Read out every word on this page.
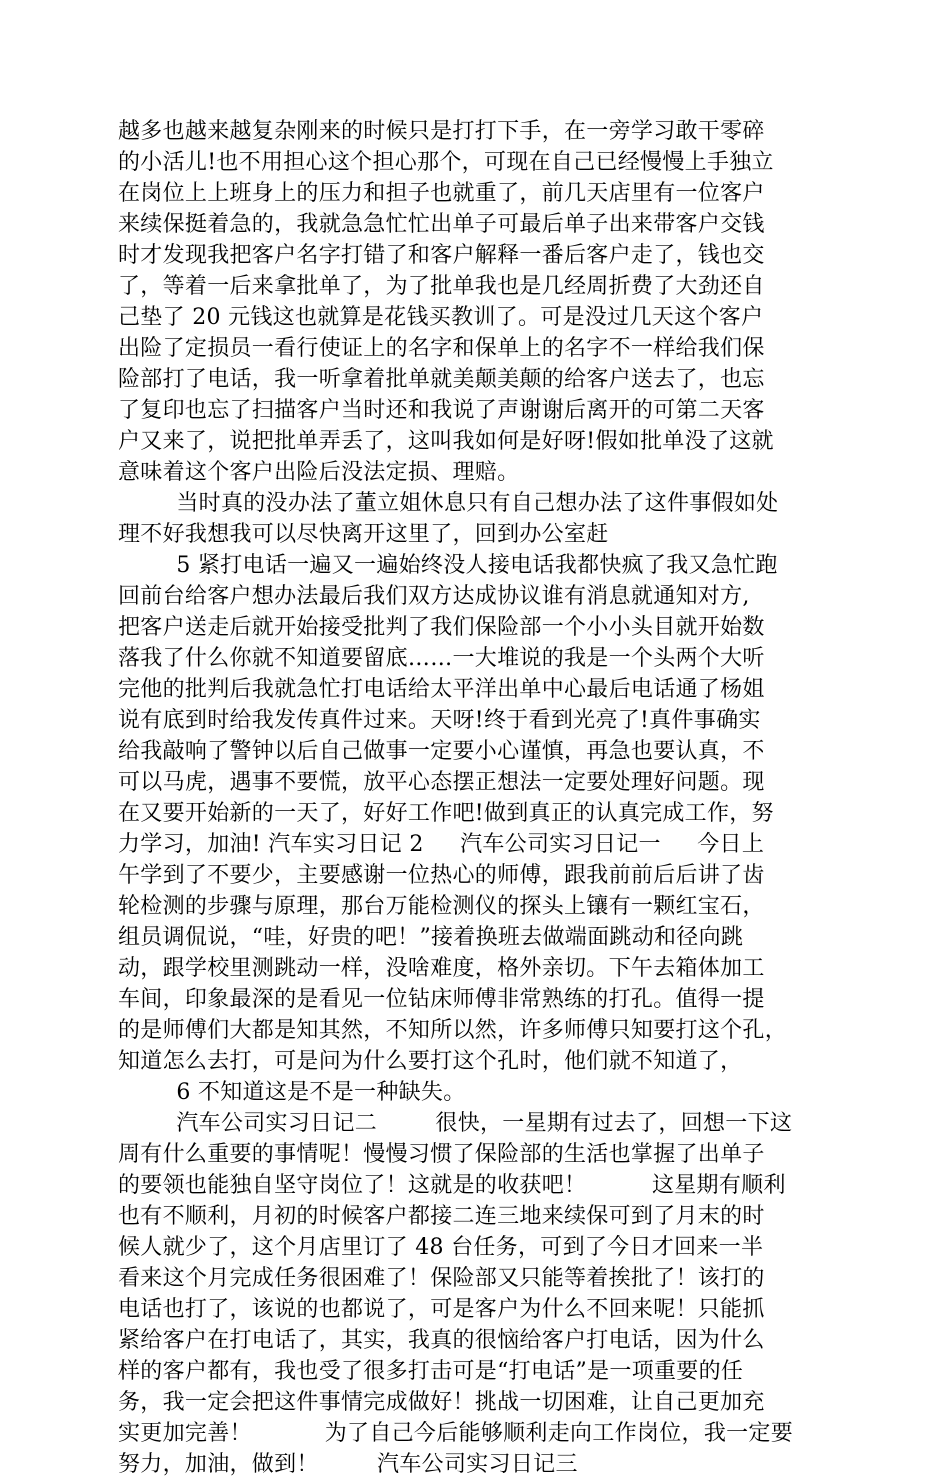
越多也越来越复杂刚来的时候只是打打下手，在一旁学习敢干零碎
的小活儿!也不用担心这个担心那个，可现在自己已经慢慢上手独立
在岗位上上班身上的压力和担子也就重了，前几天店里有一位客户
来续保挺着急的，我就急急忙忙出单子可最后单子出来带客户交钱
时才发现我把客户名字打错了和客户解释一番后客户走了，钱也交
了，等着一后来拿批单了，为了批单我也是几经周折费了大劲还自
己垫了 20 元钱这也就算是花钱买教训了。可是没过几天这个客户
出险了定损员一看行使证上的名字和保单上的名字不一样给我们保
险部打了电话，我一听拿着批单就美颠美颠的给客户送去了，也忘
了复印也忘了扫描客户当时还和我说了声谢谢后离开的可第二天客
户又来了，说把批单弄丢了，这叫我如何是好呀!假如批单没了这就
意味着这个客户出险后没法定损、理赔。
当时真的没办法了董立姐休息只有自己想办法了这件事假如处
理不好我想我可以尽快离开这里了，回到办公室赶
5 紧打电话一遍又一遍始终没人接电话我都快疯了我又急忙跑
回前台给客户想办法最后我们双方达成协议谁有消息就通知对方,
把客户送走后就开始接受批判了我们保险部一个小小头目就开始数
落我了什么你就不知道要留底……一大堆说的我是一个头两个大听
完他的批判后我就急忙打电话给太平洋出单中心最后电话通了杨姐
说有底到时给我发传真件过来。天呀!终于看到光亮了!真件事确实
给我敲响了警钟以后自己做事一定要小心谨慎，再急也要认真，不
可以马虎，遇事不要慌，放平心态摆正想法一定要处理好问题。现
在又要开始新的一天了，好好工作吧!做到真正的认真完成工作，努
力学习，加油! 汽车实习日记 2     汽车公司实习日记一     今日上
午学到了不要少，主要感谢一位热心的师傅，跟我前前后后讲了齿
轮检测的步骤与原理，那台万能检测仪的探头上镶有一颗红宝石，
组员调侃说，“哇，好贵的吧！”接着换班去做端面跳动和径向跳
动，跟学校里测跳动一样，没啥难度，格外亲切。下午去箱体加工
车间，印象最深的是看见一位钻床师傅非常熟练的打孔。值得一提
的是师傅们大都是知其然，不知所以然，许多师傅只知要打这个孔，
知道怎么去打，可是问为什么要打这个孔时，他们就不知道了，
6 不知道这是不是一种缺失。
汽车公司实习日记二        很快，一星期有过去了，回想一下这
周有什么重要的事情呢！慢慢习惯了保险部的生活也掌握了出单子
的要领也能独自坚守岗位了！这就是的收获吧！         这星期有顺利
也有不顺利，月初的时候客户都接二连三地来续保可到了月末的时
候人就少了，这个月店里订了 48 台任务，可到了今日才回来一半
看来这个月完成任务很困难了！保险部又只能等着挨批了！该打的
电话也打了，该说的也都说了，可是客户为什么不回来呢！只能抓
紧给客户在打电话了，其实，我真的很恼给客户打电话，因为什么
样的客户都有，我也受了很多打击可是“打电话”是一项重要的任
务，我一定会把这件事情完成做好！挑战一切困难，让自己更加充
实更加完善！          为了自己今后能够顺利走向工作岗位，我一定要
努力，加油，做到！        汽车公司实习日记三
